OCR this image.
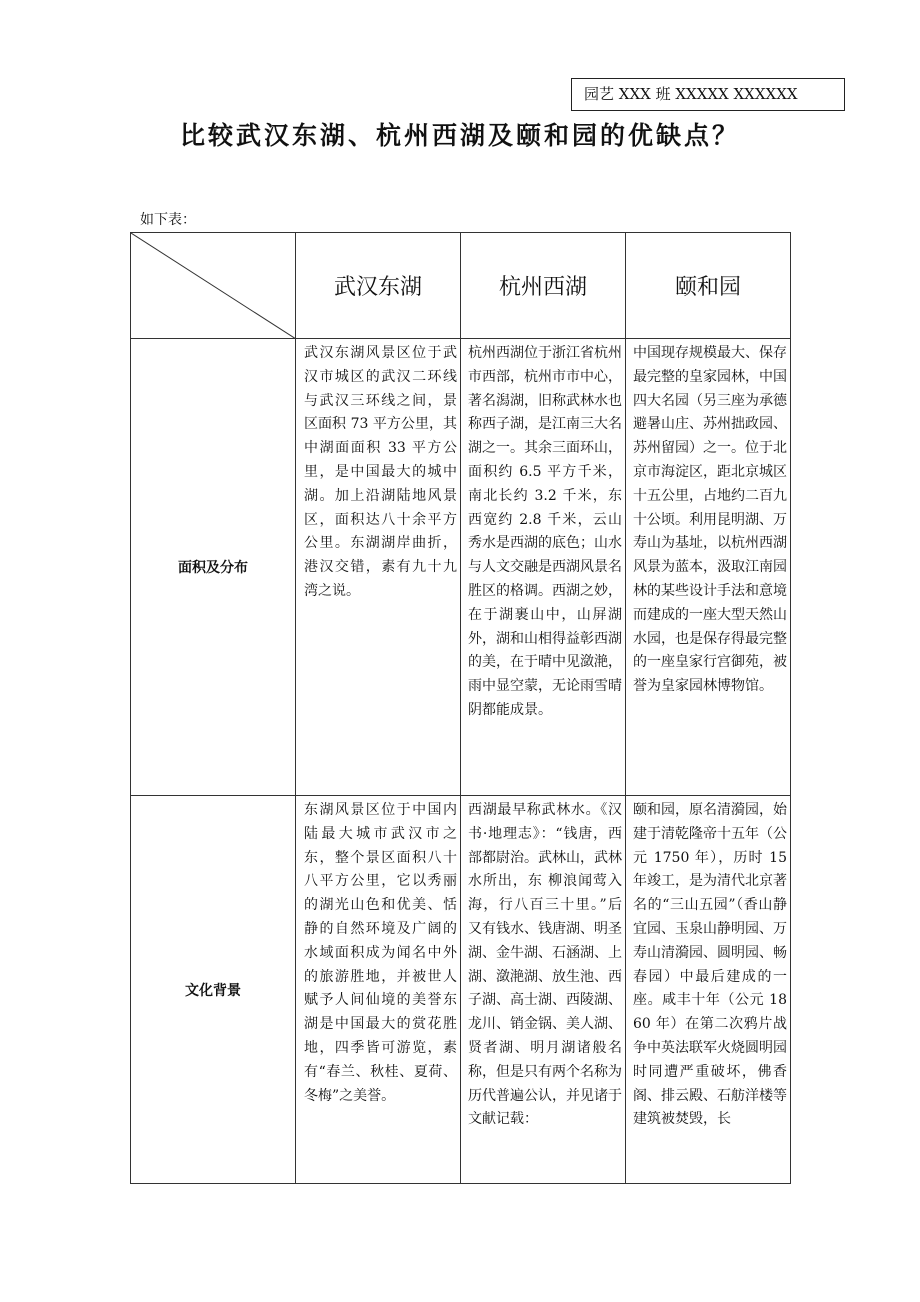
园艺 XXX 班 XXXXX XXXXXX
比较武汉东湖、杭州西湖及颐和园的优缺点？
如下表：
	武汉东湖	杭州西湖	颐和园
面积及分布	武汉东湖风景区位于武汉市城区的武汉二环线与武汉三环线之间，景区面积 73 平方公里，其中湖面面积 33 平方公里，是中国最大的城中湖。加上沿湖陆地风景区，面积达八十余平方公里。东湖湖岸曲折，港汉交错，素有九十九湾之说。	杭州西湖位于浙江省杭州市西部，杭州市市中心，著名潟湖，旧称武林水也称西子湖，是江南三大名湖之一。其余三面环山，面积约 6.5 平方千米，南北长约 3.2 千米，东西宽约 2.8 千米，云山秀水是西湖的底色；山水与人文交融是西湖风景名胜区的格调。西湖之妙，在于湖裹山中，山屏湖外，湖和山相得益彰西湖的美，在于晴中见潋滟，雨中显空蒙，无论雨雪晴阴都能成景。	中国现存规模最大、保存最完整的皇家园林，中国四大名园（另三座为承德避暑山庄、苏州拙政园、苏州留园）之一。位于北京市海淀区，距北京城区十五公里，占地约二百九十公顷。利用昆明湖、万寿山为基址，以杭州西湖风景为蓝本，汲取江南园林的某些设计手法和意境而建成的一座大型天然山水园，也是保存得最完整的一座皇家行宫御苑，被誉为皇家园林博物馆。
文化背景	东湖风景区位于中国内陆最大城市武汉市之东，整个景区面积八十八平方公里，它以秀丽的湖光山色和优美、恬静的自然环境及广阔的水域面积成为闻名中外的旅游胜地，并被世人赋予人间仙境的美誉东湖是中国最大的赏花胜地，四季皆可游览，素有“春兰、秋桂、夏荷、冬梅”之美誉。	西湖最早称武林水。《汉书·地理志》：“钱唐，西部都尉治。武林山，武林水所出，东 柳浪闻莺入海，行八百三十里。”后又有钱水、钱唐湖、明圣湖、金牛湖、石涵湖、上湖、潋滟湖、放生池、西子湖、高士湖、西陵湖、龙川、销金锅、美人湖、贤者湖、明月湖诸般名称，但是只有两个名称为历代普遍公认，并见诸于文献记载：	颐和园，原名清漪园，始建于清乾隆帝十五年（公元 1750 年），历时 15 年竣工，是为清代北京著名的“三山五园”（香山静宜园、玉泉山静明园、万寿山清漪园、圆明园、畅春园）中最后建成的一座。咸丰十年（公元 1860 年）在第二次鸦片战争中英法联军火烧圆明园时同遭严重破坏，佛香阁、排云殿、石舫洋楼等建筑被焚毁，长
